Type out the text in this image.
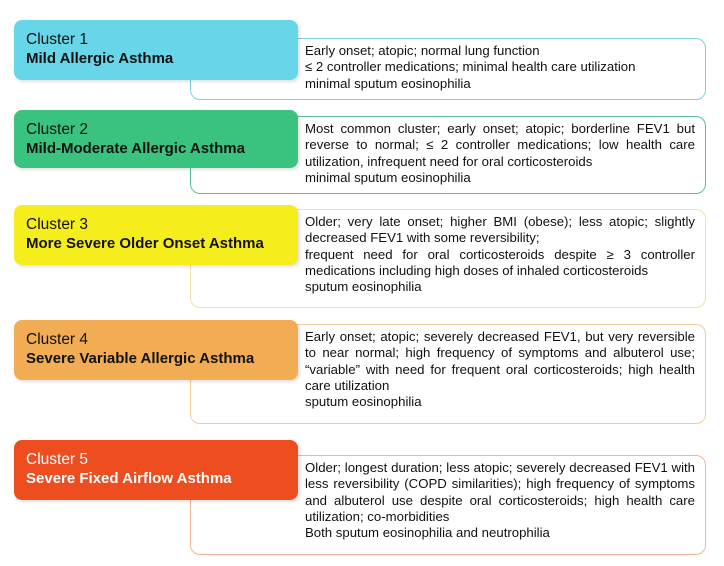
Early onset; atopic; normal lung function
≤ 2 controller medications; minimal health care utilization
minimal sputum eosinophilia
Cluster 1
Mild Allergic Asthma
Most common cluster; early onset; atopic; borderline FEV1 but reverse to normal; ≤ 2 controller medications; low health care utilization, infrequent need for oral corticosteroids
minimal sputum eosinophilia
Cluster 2
Mild-Moderate Allergic Asthma
Older; very late onset; higher BMI (obese); less atopic; slightly decreased FEV1 with some reversibility;
frequent need for oral corticosteroids despite ≥ 3 controller medications including high doses of inhaled corticosteroids
sputum eosinophilia
Cluster 3
More Severe Older Onset Asthma
Early onset; atopic; severely decreased FEV1, but very reversible to near normal; high frequency of symptoms and albuterol use; “variable” with need for frequent oral corticosteroids; high health care utilization
sputum eosinophilia
Cluster 4
Severe Variable Allergic Asthma
Older; longest duration; less atopic; severely decreased FEV1 with less reversibility (COPD similarities); high frequency of symptoms and albuterol use despite oral corticosteroids; high health care utilization; co-morbidities
Both sputum eosinophilia and neutrophilia
Cluster 5
Severe Fixed Airflow Asthma
